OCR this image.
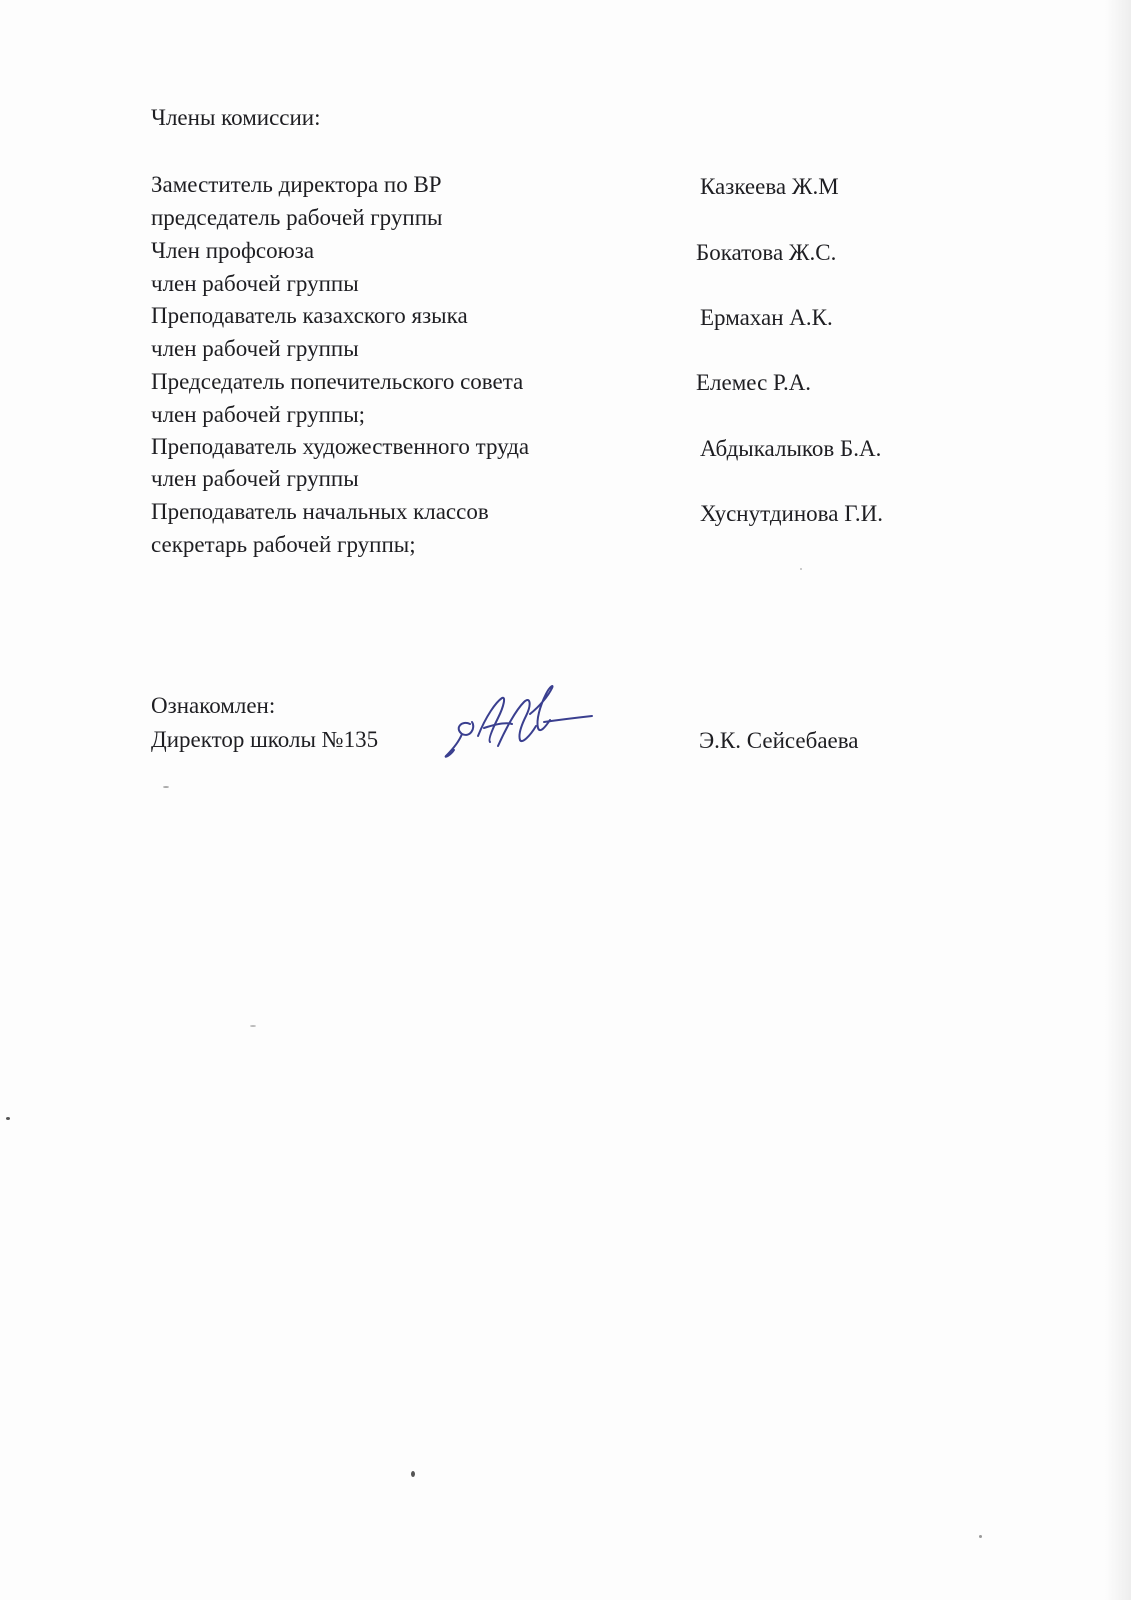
Члены комиссии:
Заместитель директора по ВР	Казкеева Ж.М
председатель рабочей группы
Член профсоюза	Бокатова Ж.С.
член рабочей группы
Преподаватель казахского языка	Ермахан А.К.
член рабочей группы
Председатель попечительского совета	Елемес Р.А.
член рабочей группы;
Преподаватель художественного труда	Абдыкалыков Б.А.
член рабочей группы
Преподаватель начальных классов	Хуснутдинова Г.И.
секретарь рабочей группы;
Ознакомлен:
Директор школы №135	Э.К. Сейсебаева
